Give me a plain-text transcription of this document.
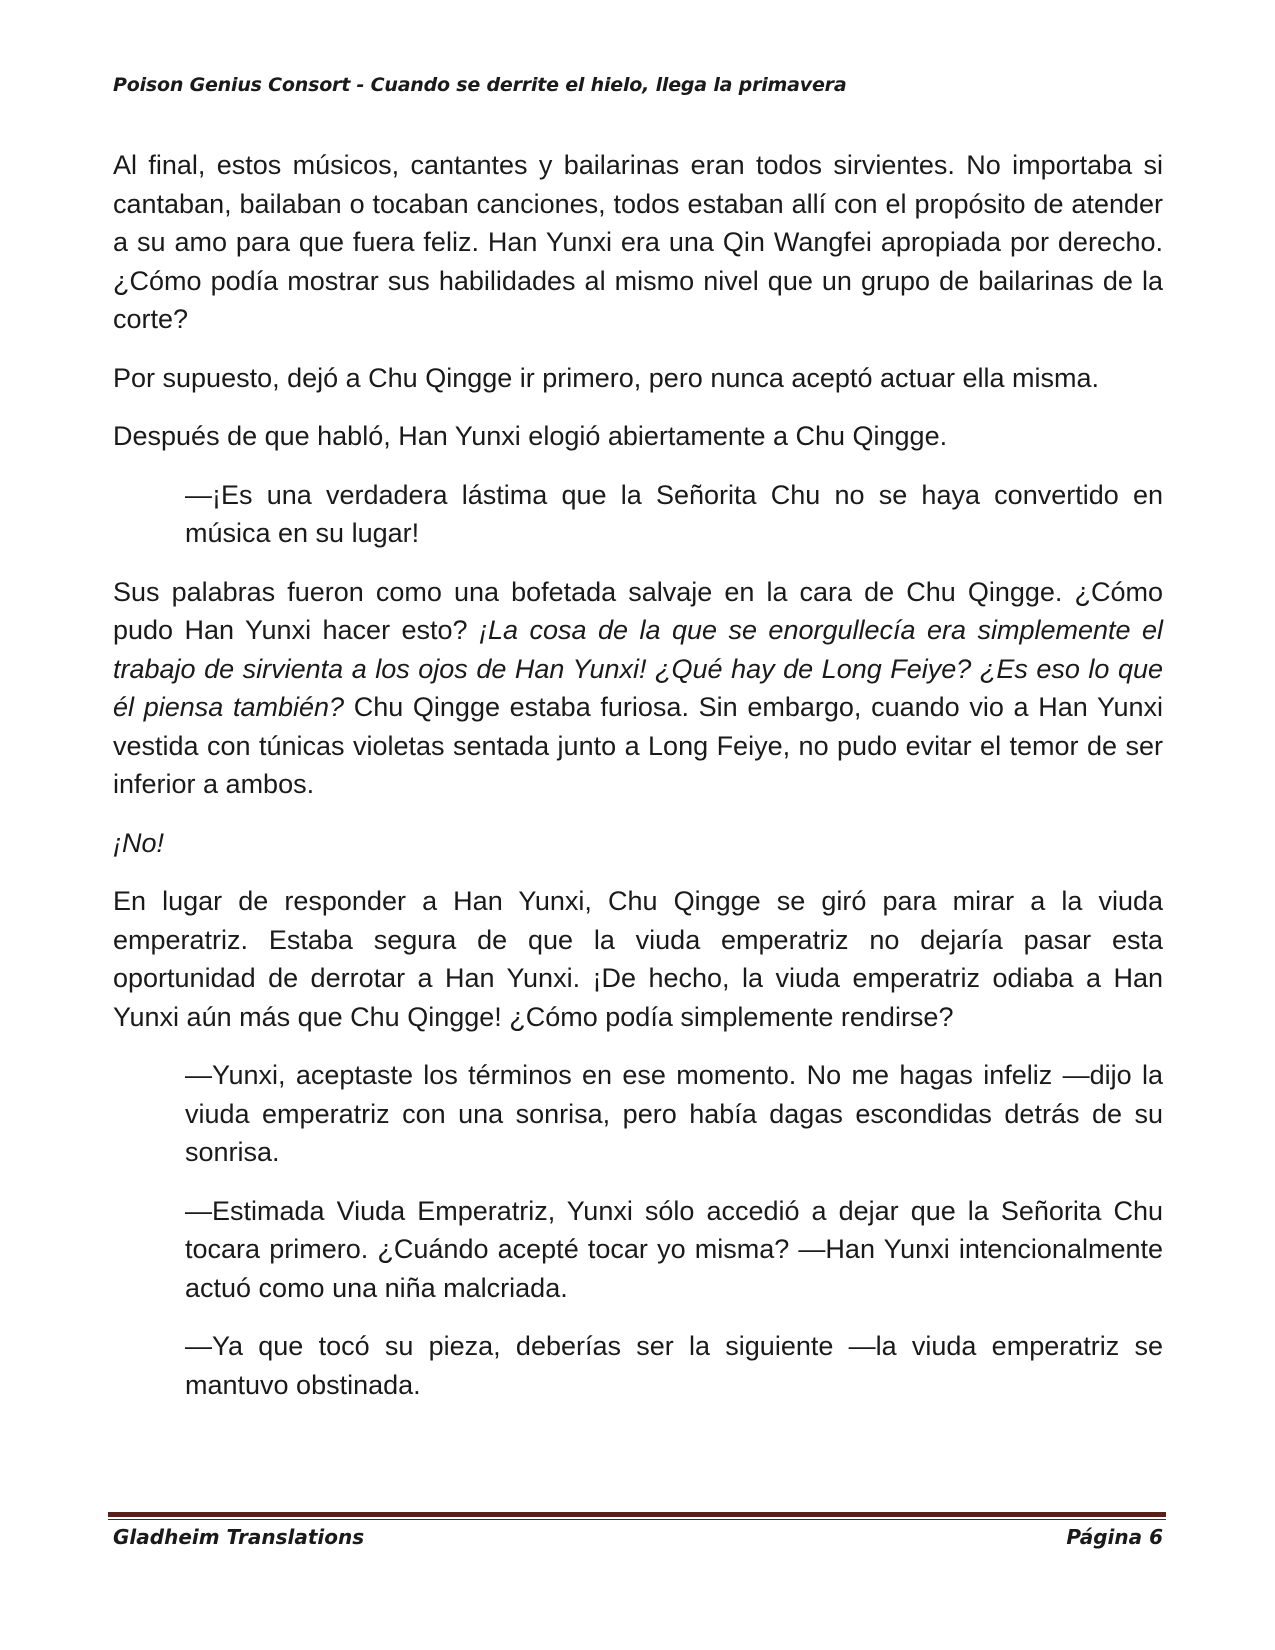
Poison Genius Consort - Cuando se derrite el hielo, llega la primavera

Al final, estos músicos, cantantes y bailarinas eran todos sirvientes. No importaba si cantaban, bailaban o tocaban canciones, todos estaban allí con el propósito de atender a su amo para que fuera feliz. Han Yunxi era una Qin Wangfei apropiada por derecho. ¿Cómo podía mostrar sus habilidades al mismo nivel que un grupo de bailarinas de la corte?

Por supuesto, dejó a Chu Qingge ir primero, pero nunca aceptó actuar ella misma.

Después de que habló, Han Yunxi elogió abiertamente a Chu Qingge.

—¡Es una verdadera lástima que la Señorita Chu no se haya convertido en música en su lugar!

Sus palabras fueron como una bofetada salvaje en la cara de Chu Qingge. ¿Cómo pudo Han Yunxi hacer esto? ¡La cosa de la que se enorgullecía era simplemente el trabajo de sirvienta a los ojos de Han Yunxi! ¿Qué hay de Long Feiye? ¿Es eso lo que él piensa también? Chu Qingge estaba furiosa. Sin embargo, cuando vio a Han Yunxi vestida con túnicas violetas sentada junto a Long Feiye, no pudo evitar el temor de ser inferior a ambos.

¡No!

En lugar de responder a Han Yunxi, Chu Qingge se giró para mirar a la viuda emperatriz. Estaba segura de que la viuda emperatriz no dejaría pasar esta oportunidad de derrotar a Han Yunxi. ¡De hecho, la viuda emperatriz odiaba a Han Yunxi aún más que Chu Qingge! ¿Cómo podía simplemente rendirse?

—Yunxi, aceptaste los términos en ese momento. No me hagas infeliz —dijo la viuda emperatriz con una sonrisa, pero había dagas escondidas detrás de su sonrisa.

—Estimada Viuda Emperatriz, Yunxi sólo accedió a dejar que la Señorita Chu tocara primero. ¿Cuándo acepté tocar yo misma? —Han Yunxi intencionalmente actuó como una niña malcriada.

—Ya que tocó su pieza, deberías ser la siguiente —la viuda emperatriz se mantuvo obstinada.

Gladheim Translations	Página 6
